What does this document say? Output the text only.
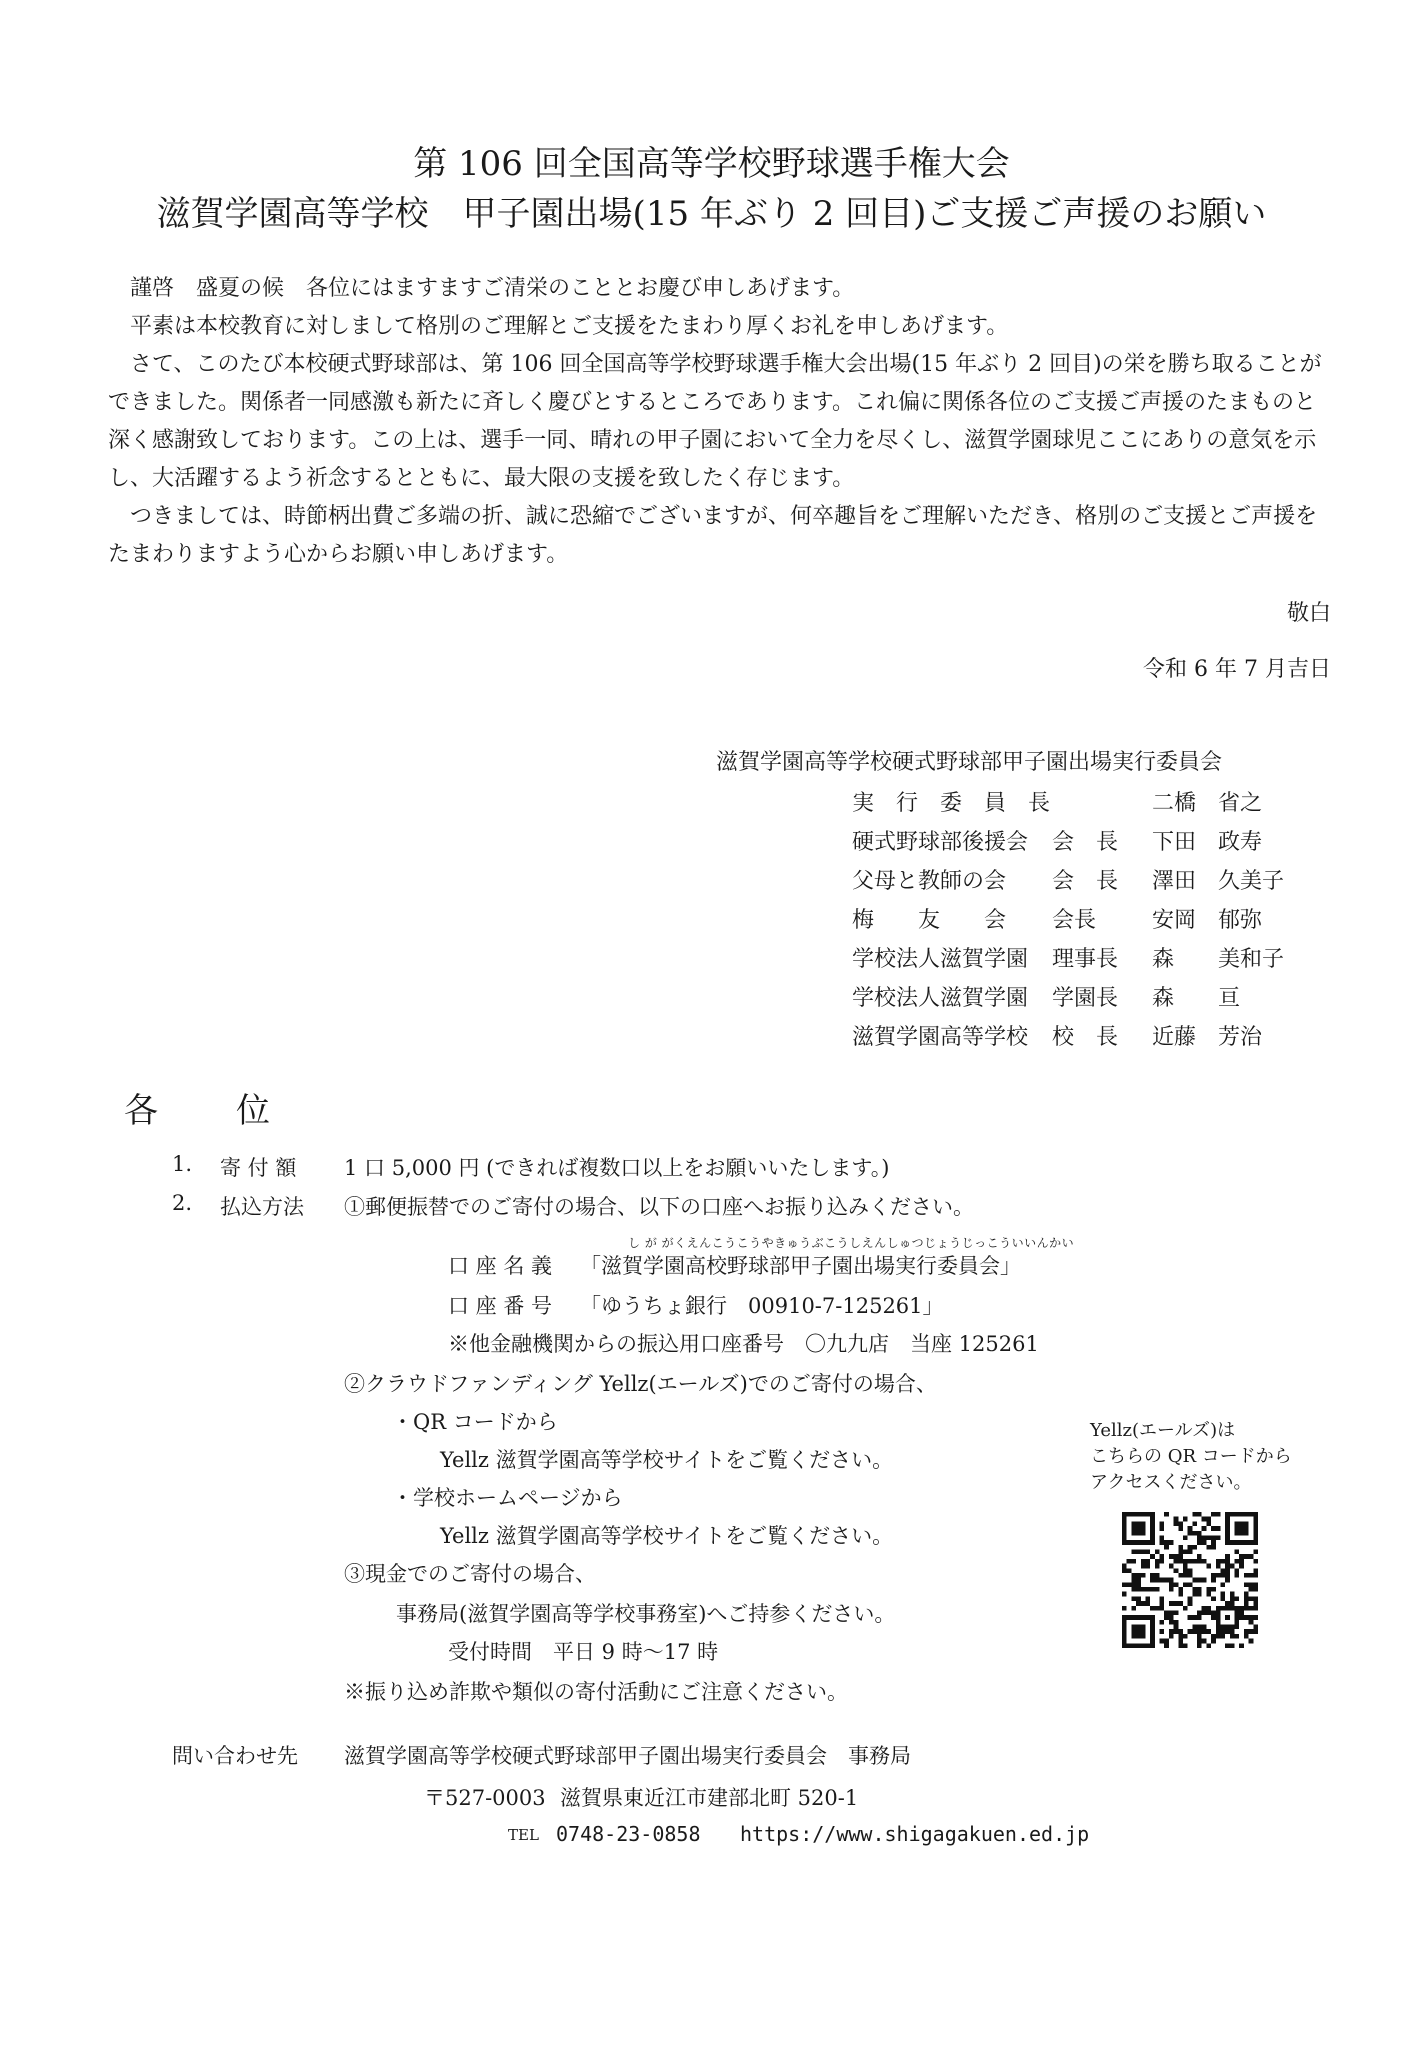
第 106 回全国高等学校野球選手権大会
滋賀学園高等学校　甲子園出場(15 年ぶり 2 回目)ご支援ご声援のお願い

謹啓　盛夏の候　各位にはますますご清栄のこととお慶び申しあげます。

平素は本校教育に対しまして格別のご理解とご支援をたまわり厚くお礼を申しあげます。

さて、このたび本校硬式野球部は、第 106 回全国高等学校野球選手権大会出場(15 年ぶり 2 回目)の栄を勝ち取ることができました。関係者一同感激も新たに斉しく慶びとするところであります。これ偏に関係各位のご支援ご声援のたまものと深く感謝致しております。この上は、選手一同、晴れの甲子園において全力を尽くし、滋賀学園球児ここにありの意気を示し、大活躍するよう祈念するとともに、最大限の支援を致したく存じます。

つきましては、時節柄出費ご多端の折、誠に恐縮でございますが、何卒趣旨をご理解いただき、格別のご支援とご声援をたまわりますよう心からお願い申しあげます。

敬白
令和 6 年 7 月吉日
滋賀学園高等学校硬式野球部甲子園出場実行委員会
実　行　委　員　長		二橋　省之
硬式野球部後援会	会　長	下田　政寿
父母と教師の会	会　長	澤田　久美子
梅　　友　　会	会長	安岡　郁弥
学校法人滋賀学園	理事長	森　　美和子
学校法人滋賀学園	学園長	森　　亘
滋賀学園高等学校	校　長	近藤　芳治
各　位
1. 寄 付 額 1 口 5,000 円 (できれば複数口以上をお願いいたします。)
2. 払込方法 ①郵便振替でのご寄付の場合、以下の口座へお振り込みください。
し が がくえんこうこうやきゅうぶこうしえんしゅつじょうじっこういいんかい
口 座 名 義 「滋賀学園高校野球部甲子園出場実行委員会」
口 座 番 号 「ゆうちょ銀行　00910-7-125261」
※他金融機関からの振込用口座番号　〇九九店　当座 125261
②クラウドファンディング Yellz(エールズ)でのご寄付の場合、
・QR コードから
Yellz 滋賀学園高等学校サイトをご覧ください。
・学校ホームページから
Yellz 滋賀学園高等学校サイトをご覧ください。
③現金でのご寄付の場合、
事務局(滋賀学園高等学校事務室)へご持参ください。
受付時間　平日 9 時〜17 時
※振り込め詐欺や類似の寄付活動にご注意ください。
Yellz(エールズ)は
こちらの QR コードから
アクセスください。
問い合わせ先 滋賀学園高等学校硬式野球部甲子園出場実行委員会　事務局
〒527-0003 滋賀県東近江市建部北町 520-1
TEL 0748-23-0858 https://www.shigagakuen.ed.jp
